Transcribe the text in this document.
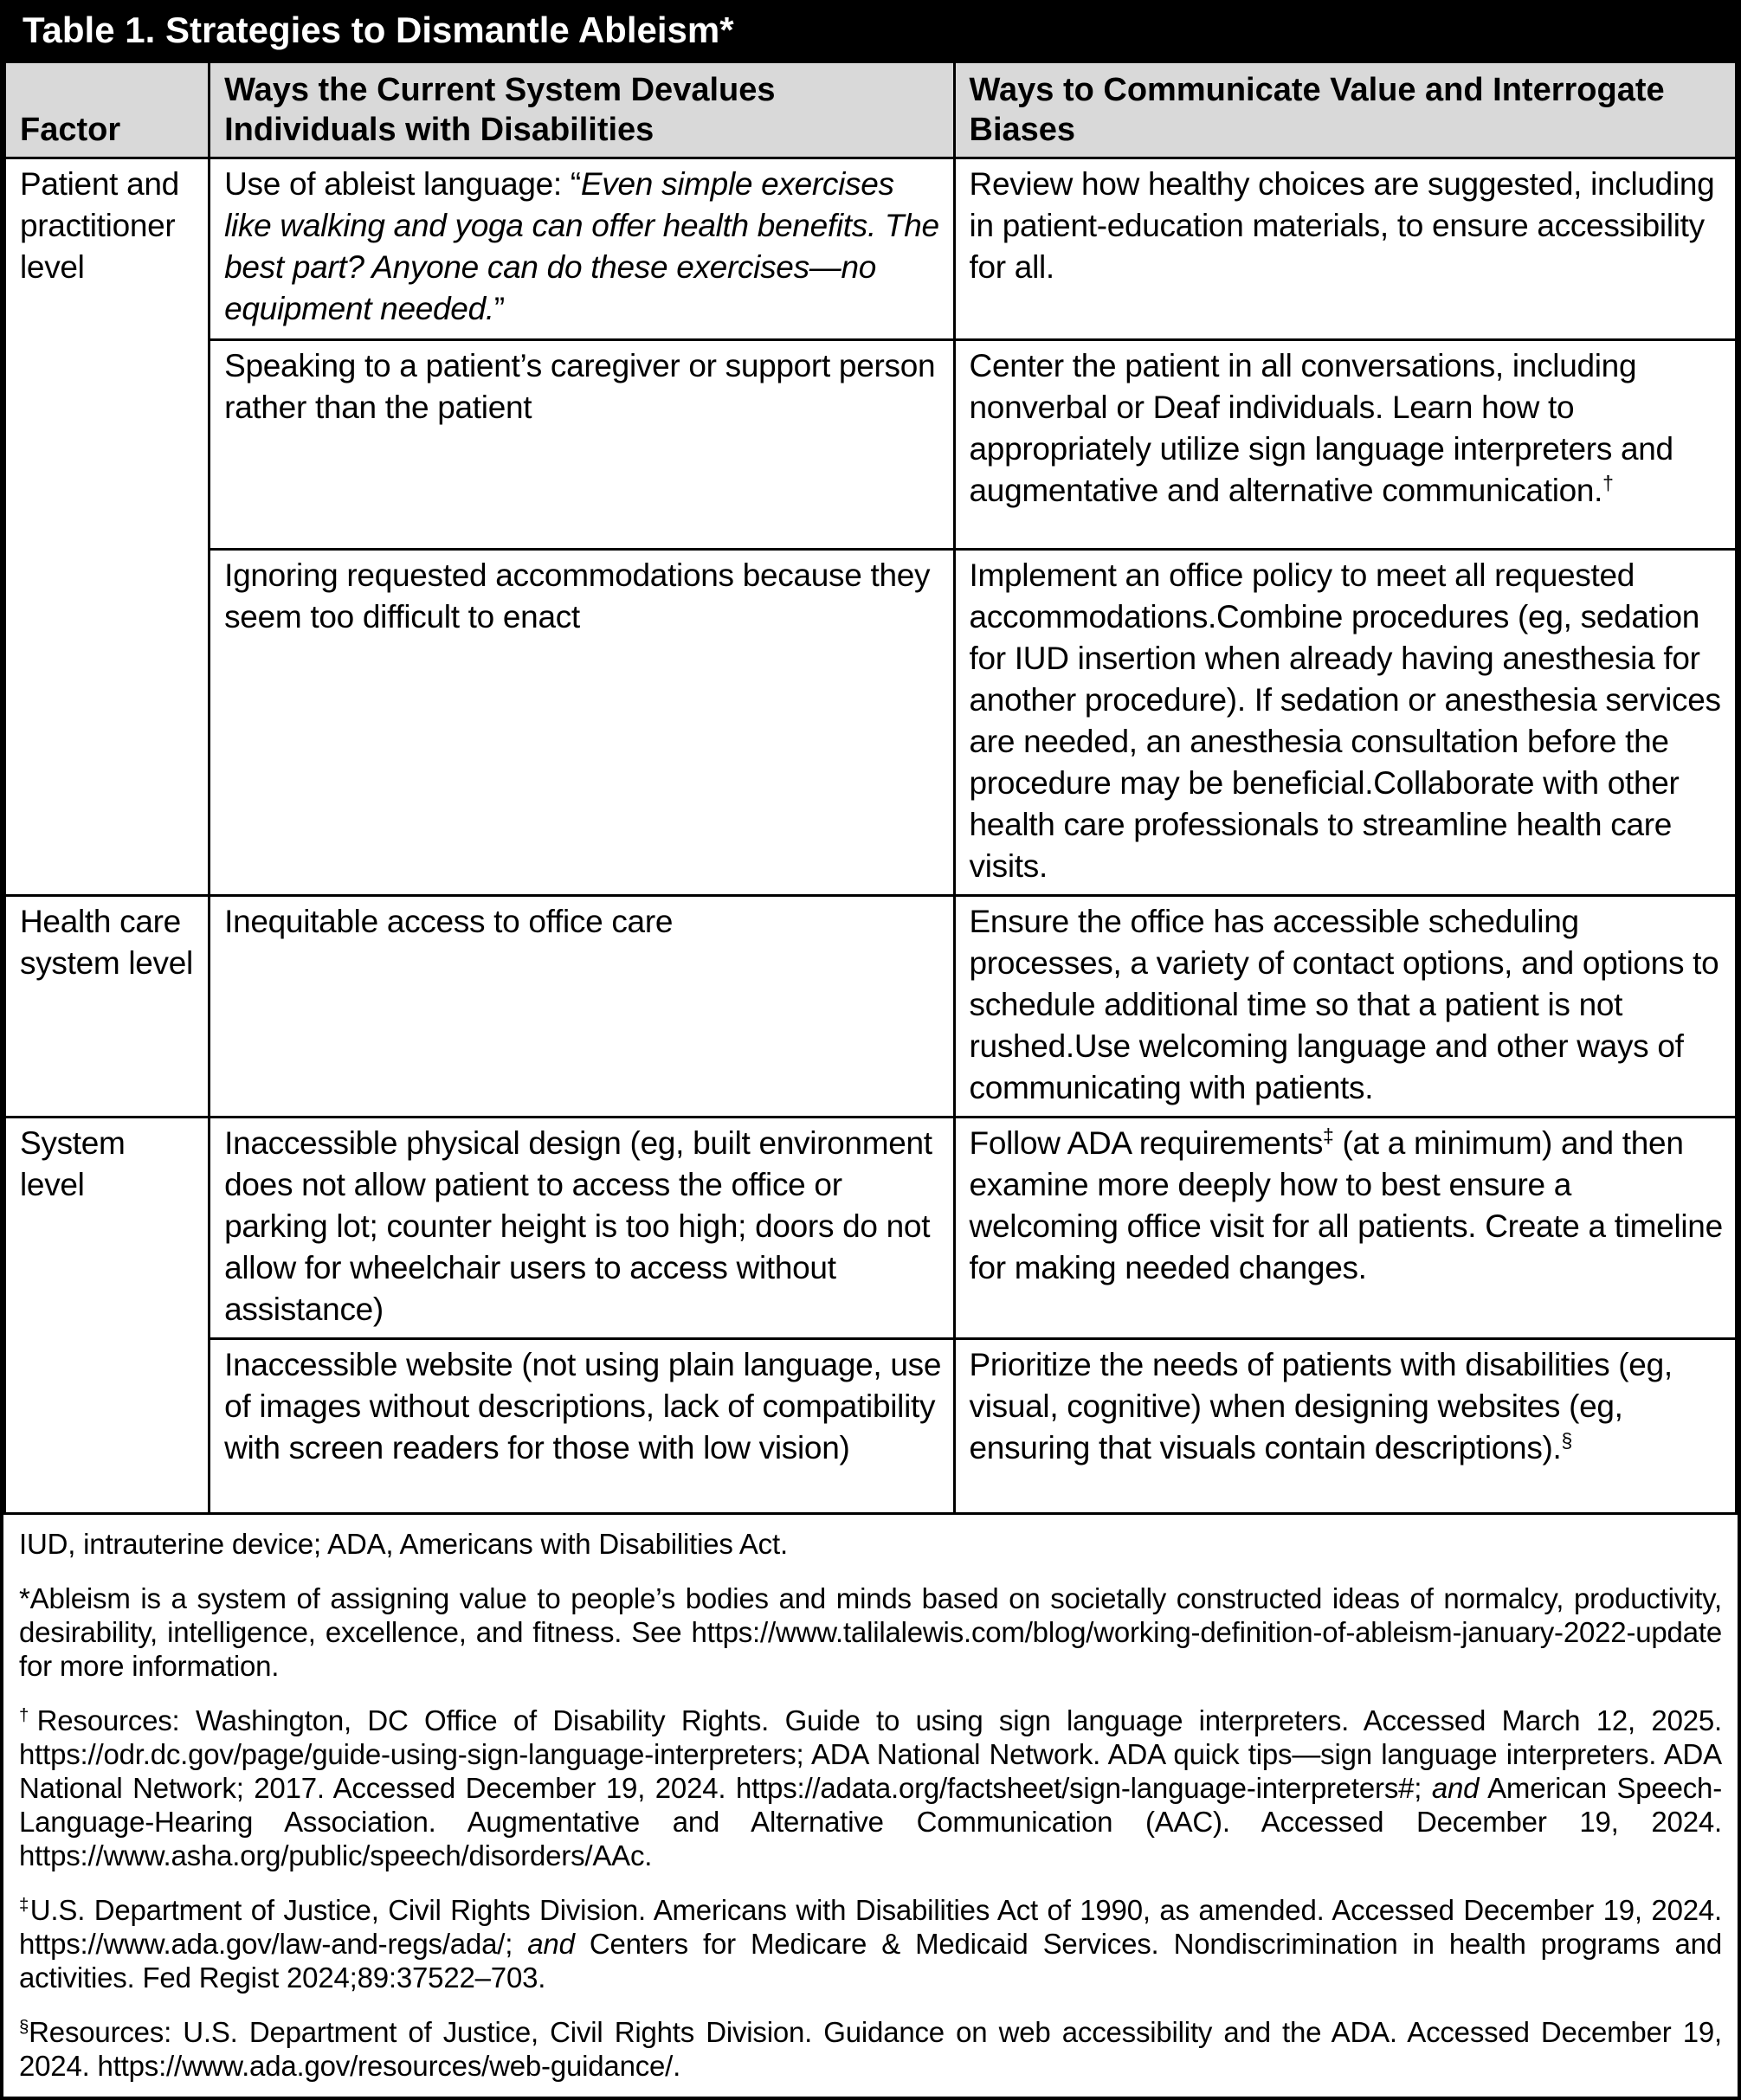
Table 1. Strategies to Dismantle Ableism*
Factor	Ways the Current System Devalues Individuals with Disabilities	Ways to Communicate Value and Interrogate Biases
Patient and practitioner level	Use of ableist language: “Even simple exercises like walking and yoga can offer health benefits. The best part? Anyone can do these exercises—no equipment needed.”	Review how healthy choices are suggested, including in patient-education materials, to ensure accessibility for all.
	Speaking to a patient’s caregiver or support person rather than the patient	Center the patient in all conversations, including nonverbal or Deaf individuals. Learn how to appropriately utilize sign language interpreters and augmentative and alternative communication.†
	Ignoring requested accommodations because they seem too difficult to enact	Implement an office policy to meet all requested accommodations.Combine procedures (eg, sedation for IUD insertion when already having anesthesia for another procedure). If sedation or anesthesia services are needed, an anesthesia consultation before the procedure may be beneficial.Collaborate with other health care professionals to streamline health care visits.
Health care system level	Inequitable access to office care	Ensure the office has accessible scheduling processes, a variety of contact options, and options to schedule additional time so that a patient is not rushed.Use welcoming language and other ways of communicating with patients.
System level	Inaccessible physical design (eg, built environment does not allow patient to access the office or parking lot; counter height is too high; doors do not allow for wheelchair users to access without assistance)	Follow ADA requirements‡ (at a minimum) and then examine more deeply how to best ensure a welcoming office visit for all patients. Create a timeline for making needed changes.
	Inaccessible website (not using plain language, use of images without descriptions, lack of compatibility with screen readers for those with low vision)	Prioritize the needs of patients with disabilities (eg, visual, cognitive) when designing websites (eg, ensuring that visuals contain descriptions).§

IUD, intrauterine device; ADA, Americans with Disabilities Act.

*Ableism is a system of assigning value to people’s bodies and minds based on societally constructed ideas of normalcy, productivity, desirability, intelligence, excellence, and fitness. See https://www.talilalewis.com/blog/working-definition-of-ableism-january-2022-update for more information.

†Resources: Washington, DC Office of Disability Rights. Guide to using sign language interpreters. Accessed March 12, 2025. https://odr.dc.gov/page/guide-using-sign-language-interpreters; ADA National Network. ADA quick tips—sign language interpreters. ADA National Network; 2017. Accessed December 19, 2024. https://adata.org/factsheet/sign-language-interpreters#; and American Speech-Language-Hearing Association. Augmentative and Alternative Communication (AAC). Accessed December 19, 2024. https://www.asha.org/public/speech/disorders/AAc.

‡U.S. Department of Justice, Civil Rights Division. Americans with Disabilities Act of 1990, as amended. Accessed December 19, 2024. https://www.ada.gov/law-and-regs/ada/; and Centers for Medicare & Medicaid Services. Nondiscrimination in health programs and activities. Fed Regist 2024;89:37522–703.

§Resources: U.S. Department of Justice, Civil Rights Division. Guidance on web accessibility and the ADA. Accessed December 19, 2024. https://www.ada.gov/resources/web-guidance/.
